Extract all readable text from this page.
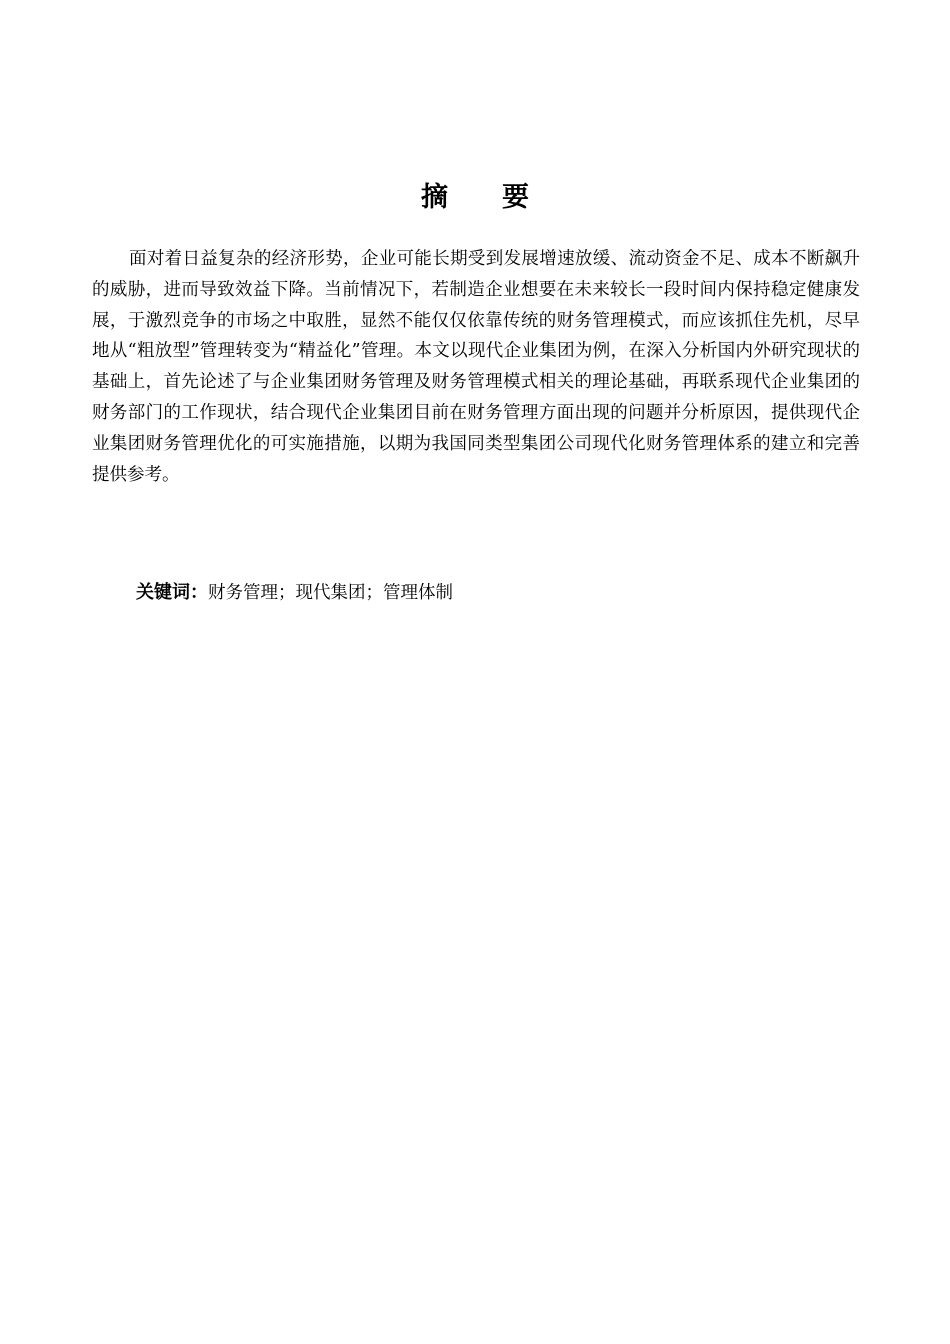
摘 要

面对着日益复杂的经济形势，企业可能长期受到发展增速放缓、流动资金不足、成本不断飙升的威胁，进而导致效益下降。当前情况下，若制造企业想要在未来较长一段时间内保持稳定健康发展，于激烈竞争的市场之中取胜，显然不能仅仅依靠传统的财务管理模式，而应该抓住先机，尽早地从“粗放型”管理转变为“精益化”管理。本文以现代企业集团为例，在深入分析国内外研究现状的基础上，首先论述了与企业集团财务管理及财务管理模式相关的理论基础，再联系现代企业集团的财务部门的工作现状，结合现代企业集团目前在财务管理方面出现的问题并分析原因，提供现代企业集团财务管理优化的可实施措施，以期为我国同类型集团公司现代化财务管理体系的建立和完善提供参考。

关键词：财务管理；现代集团；管理体制
